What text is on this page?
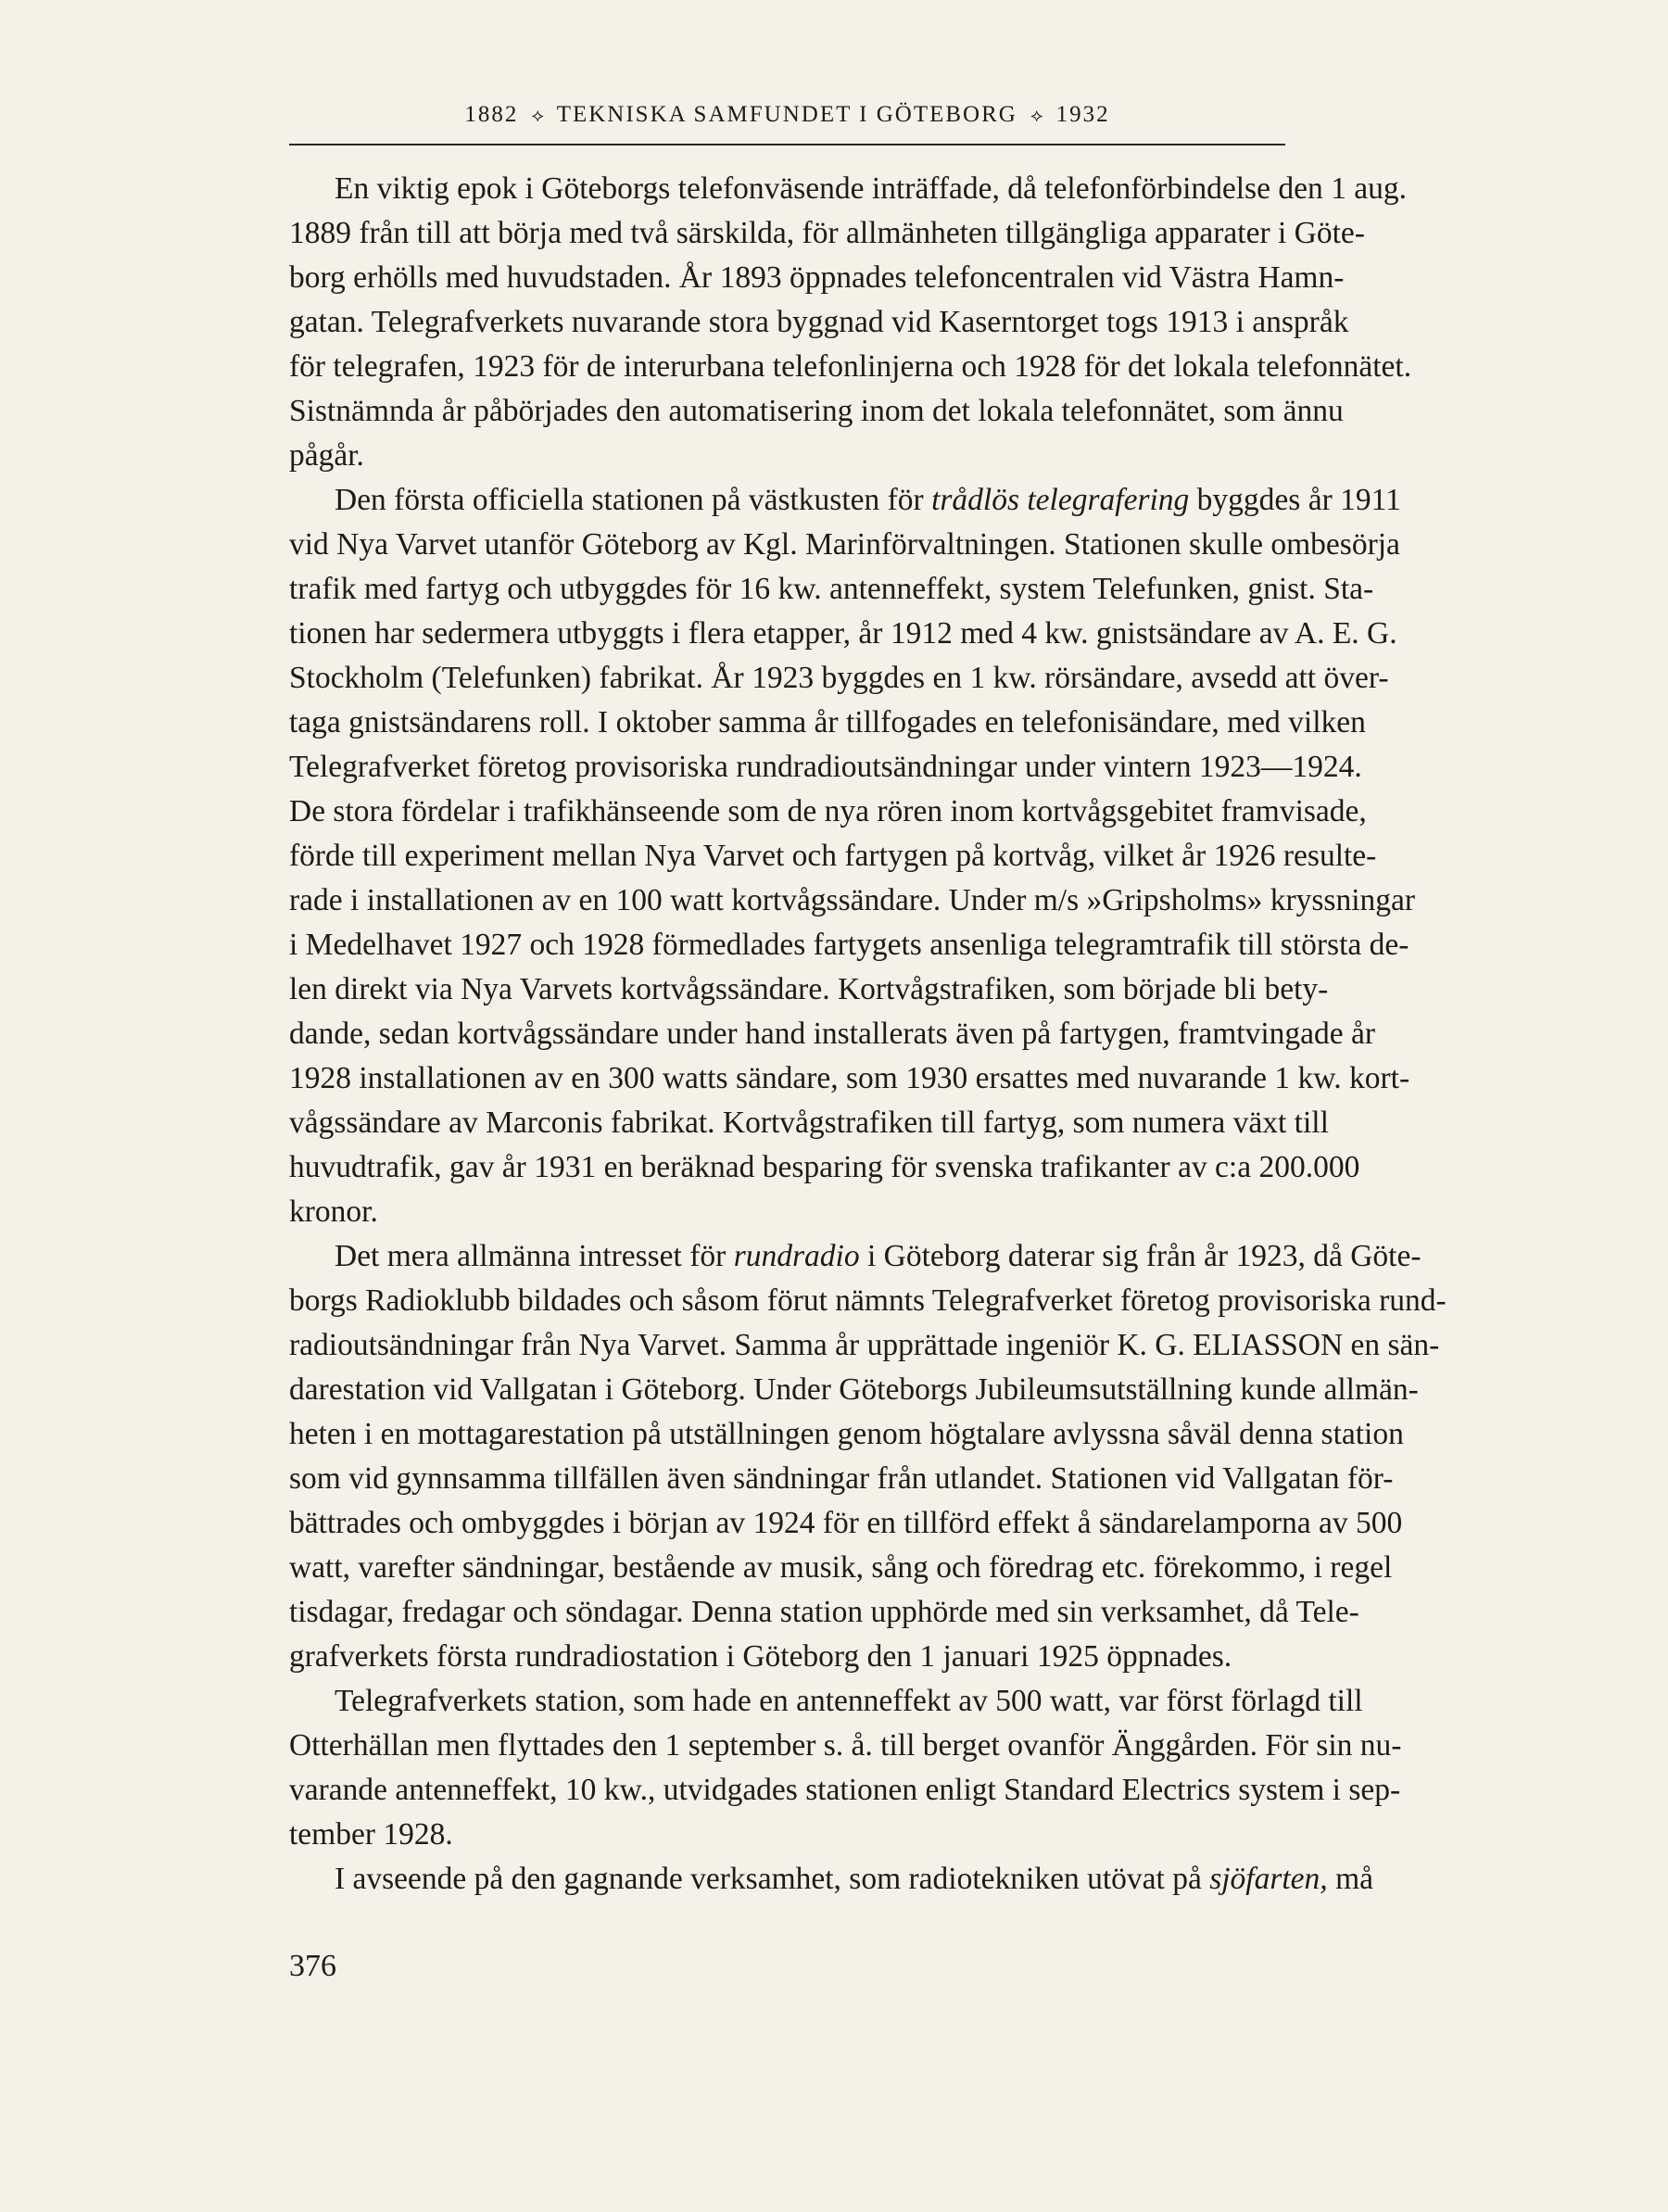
1882 ⟡ TEKNISKA SAMFUNDET I GÖTEBORG ⟡ 1932
En viktig epok i Göteborgs telefonväsende inträffade, då telefonförbindelse den 1 aug.
1889 från till att börja med två särskilda, för allmänheten tillgängliga apparater i Göte-
borg erhölls med huvudstaden. År 1893 öppnades telefoncentralen vid Västra Hamn-
gatan. Telegrafverkets nuvarande stora byggnad vid Kaserntorget togs 1913 i anspråk
för telegrafen, 1923 för de interurbana telefonlinjerna och 1928 för det lokala telefonnätet.
Sistnämnda år påbörjades den automatisering inom det lokala telefonnätet, som ännu
pågår.
Den första officiella stationen på västkusten för trådlös telegrafering byggdes år 1911
vid Nya Varvet utanför Göteborg av Kgl. Marinförvaltningen. Stationen skulle ombesörja
trafik med fartyg och utbyggdes för 16 kw. antenneffekt, system Telefunken, gnist. Sta-
tionen har sedermera utbyggts i flera etapper, år 1912 med 4 kw. gnistsändare av A. E. G.
Stockholm (Telefunken) fabrikat. År 1923 byggdes en 1 kw. rörsändare, avsedd att över-
taga gnistsändarens roll. I oktober samma år tillfogades en telefonisändare, med vilken
Telegrafverket företog provisoriska rundradioutsändningar under vintern 1923—1924.
De stora fördelar i trafikhänseende som de nya rören inom kortvågsgebitet framvisade,
förde till experiment mellan Nya Varvet och fartygen på kortvåg, vilket år 1926 resulte-
rade i installationen av en 100 watt kortvågssändare. Under m/s »Gripsholms» kryssningar
i Medelhavet 1927 och 1928 förmedlades fartygets ansenliga telegramtrafik till största de-
len direkt via Nya Varvets kortvågssändare. Kortvågstrafiken, som började bli bety-
dande, sedan kortvågssändare under hand installerats även på fartygen, framtvingade år
1928 installationen av en 300 watts sändare, som 1930 ersattes med nuvarande 1 kw. kort-
vågssändare av Marconis fabrikat. Kortvågstrafiken till fartyg, som numera växt till
huvudtrafik, gav år 1931 en beräknad besparing för svenska trafikanter av c:a 200.000
kronor.
Det mera allmänna intresset för rundradio i Göteborg daterar sig från år 1923, då Göte-
borgs Radioklubb bildades och såsom förut nämnts Telegrafverket företog provisoriska rund-
radioutsändningar från Nya Varvet. Samma år upprättade ingeniör K. G. ELIASSON en sän-
darestation vid Vallgatan i Göteborg. Under Göteborgs Jubileumsutställning kunde allmän-
heten i en mottagarestation på utställningen genom högtalare avlyssna såväl denna station
som vid gynnsamma tillfällen även sändningar från utlandet. Stationen vid Vallgatan för-
bättrades och ombyggdes i början av 1924 för en tillförd effekt å sändarelamporna av 500
watt, varefter sändningar, bestående av musik, sång och föredrag etc. förekommo, i regel
tisdagar, fredagar och söndagar. Denna station upphörde med sin verksamhet, då Tele-
grafverkets första rundradiostation i Göteborg den 1 januari 1925 öppnades.
Telegrafverkets station, som hade en antenneffekt av 500 watt, var först förlagd till
Otterhällan men flyttades den 1 september s. å. till berget ovanför Änggården. För sin nu-
varande antenneffekt, 10 kw., utvidgades stationen enligt Standard Electrics system i sep-
tember 1928.
I avseende på den gagnande verksamhet, som radiotekniken utövat på sjöfarten, må
376
